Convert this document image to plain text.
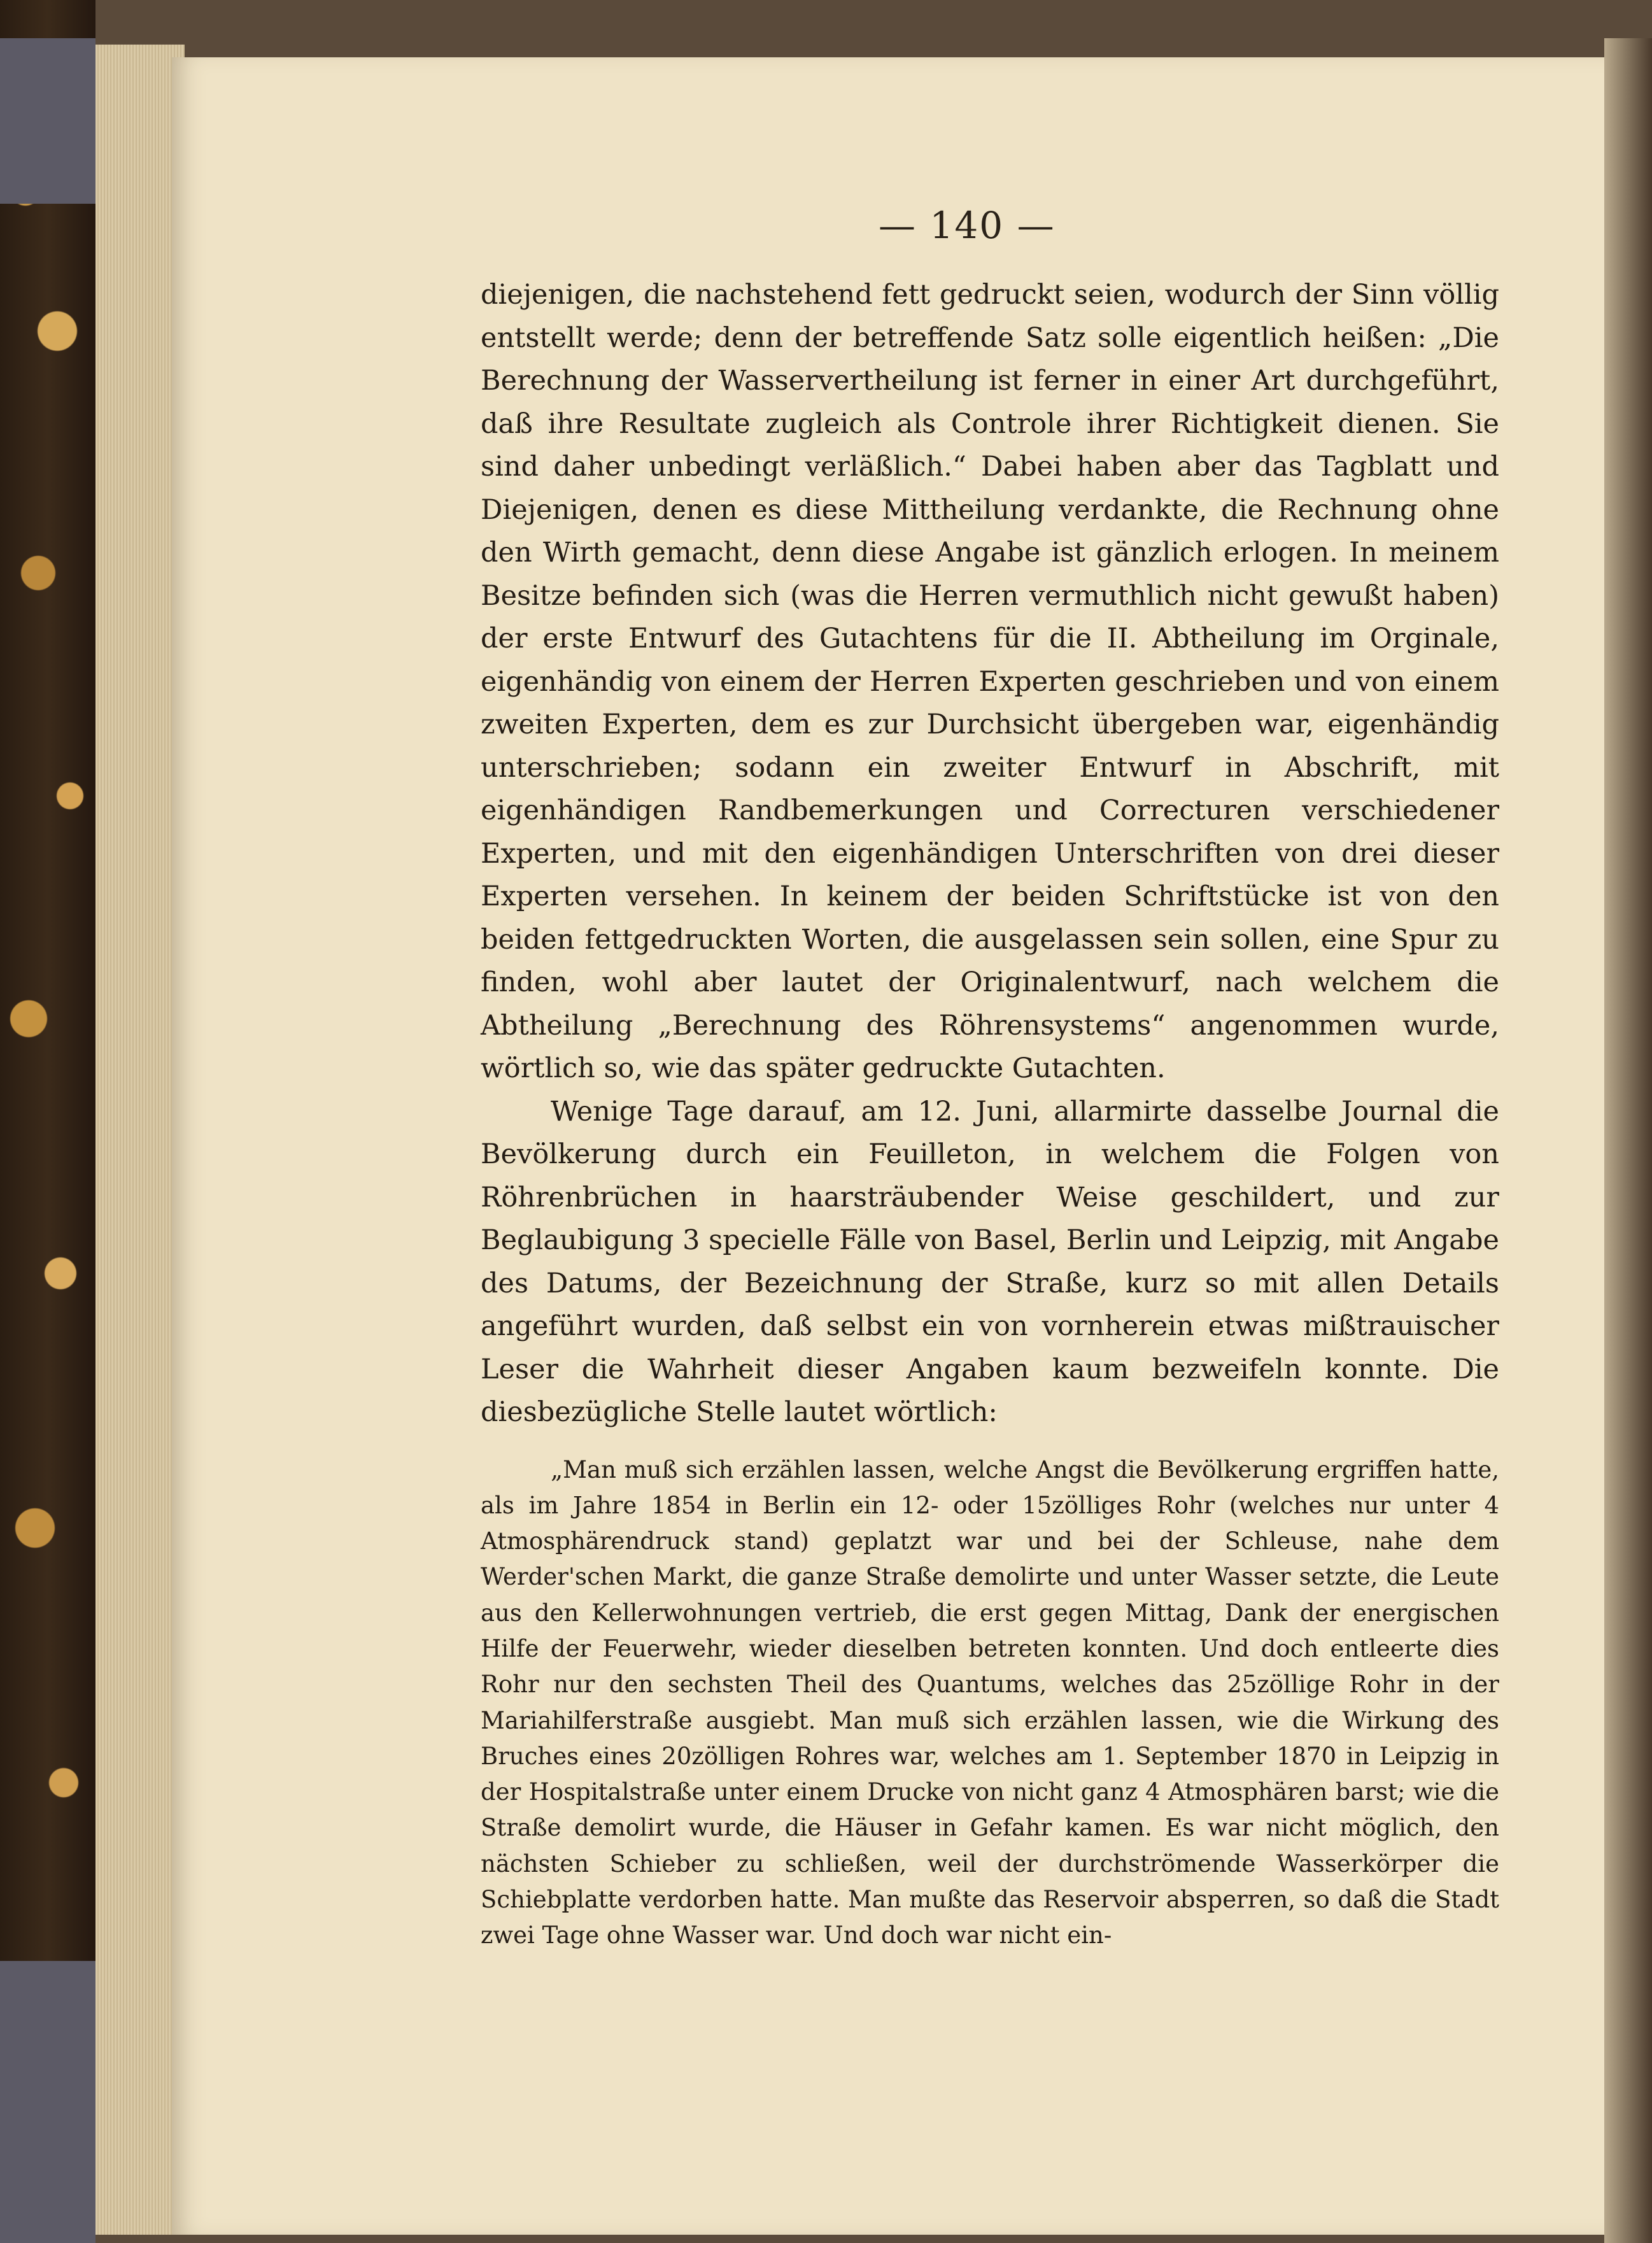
— 140 —

diejenigen, die nachstehend fett gedruckt seien, wodurch der Sinn völlig entstellt werde; denn der betreffende Satz solle eigentlich heißen: „Die Berechnung der Wasservertheilung ist ferner in einer Art durchgeführt, daß ihre Resultate zugleich als Controle ihrer Richtigkeit dienen. Sie sind daher unbedingt verläßlich.“ Dabei haben aber das Tagblatt und Diejenigen, denen es diese Mittheilung verdankte, die Rechnung ohne den Wirth gemacht, denn diese Angabe ist gänzlich erlogen. In meinem Besitze befinden sich (was die Herren vermuthlich nicht gewußt haben) der erste Entwurf des Gutachtens für die II. Abtheilung im Orginale, eigenhändig von einem der Herren Experten geschrieben und von einem zweiten Experten, dem es zur Durchsicht übergeben war, eigenhändig unterschrieben; sodann ein zweiter Entwurf in Abschrift, mit eigenhändigen Randbemerkungen und Correcturen verschiedener Experten, und mit den eigenhändigen Unterschriften von drei dieser Experten versehen. In keinem der beiden Schriftstücke ist von den beiden fettgedruckten Worten, die ausgelassen sein sollen, eine Spur zu finden, wohl aber lautet der Originalentwurf, nach welchem die Abtheilung „Berechnung des Röhrensystems“ angenommen wurde, wörtlich so, wie das später gedruckte Gutachten.

Wenige Tage darauf, am 12. Juni, allarmirte dasselbe Journal die Bevölkerung durch ein Feuilleton, in welchem die Folgen von Röhrenbrüchen in haarsträubender Weise geschildert, und zur Beglaubigung 3 specielle Fälle von Basel, Berlin und Leipzig, mit Angabe des Datums, der Bezeichnung der Straße, kurz so mit allen Details angeführt wurden, daß selbst ein von vornherein etwas mißtrauischer Leser die Wahrheit dieser Angaben kaum bezweifeln konnte. Die diesbezügliche Stelle lautet wörtlich:

„Man muß sich erzählen lassen, welche Angst die Bevölkerung ergriffen hatte, als im Jahre 1854 in Berlin ein 12- oder 15zölliges Rohr (welches nur unter 4 Atmosphärendruck stand) geplatzt war und bei der Schleuse, nahe dem Werder'schen Markt, die ganze Straße demolirte und unter Wasser setzte, die Leute aus den Kellerwohnungen vertrieb, die erst gegen Mittag, Dank der energischen Hilfe der Feuerwehr, wieder dieselben betreten konnten. Und doch entleerte dies Rohr nur den sechsten Theil des Quantums, welches das 25zöllige Rohr in der Mariahilferstraße ausgiebt. Man muß sich erzählen lassen, wie die Wirkung des Bruches eines 20zölligen Rohres war, welches am 1. September 1870 in Leipzig in der Hospitalstraße unter einem Drucke von nicht ganz 4 Atmosphären barst; wie die Straße demolirt wurde, die Häuser in Gefahr kamen. Es war nicht möglich, den nächsten Schieber zu schließen, weil der durchströmende Wasserkörper die Schiebplatte verdorben hatte. Man mußte das Reservoir absperren, so daß die Stadt zwei Tage ohne Wasser war. Und doch war nicht ein-
